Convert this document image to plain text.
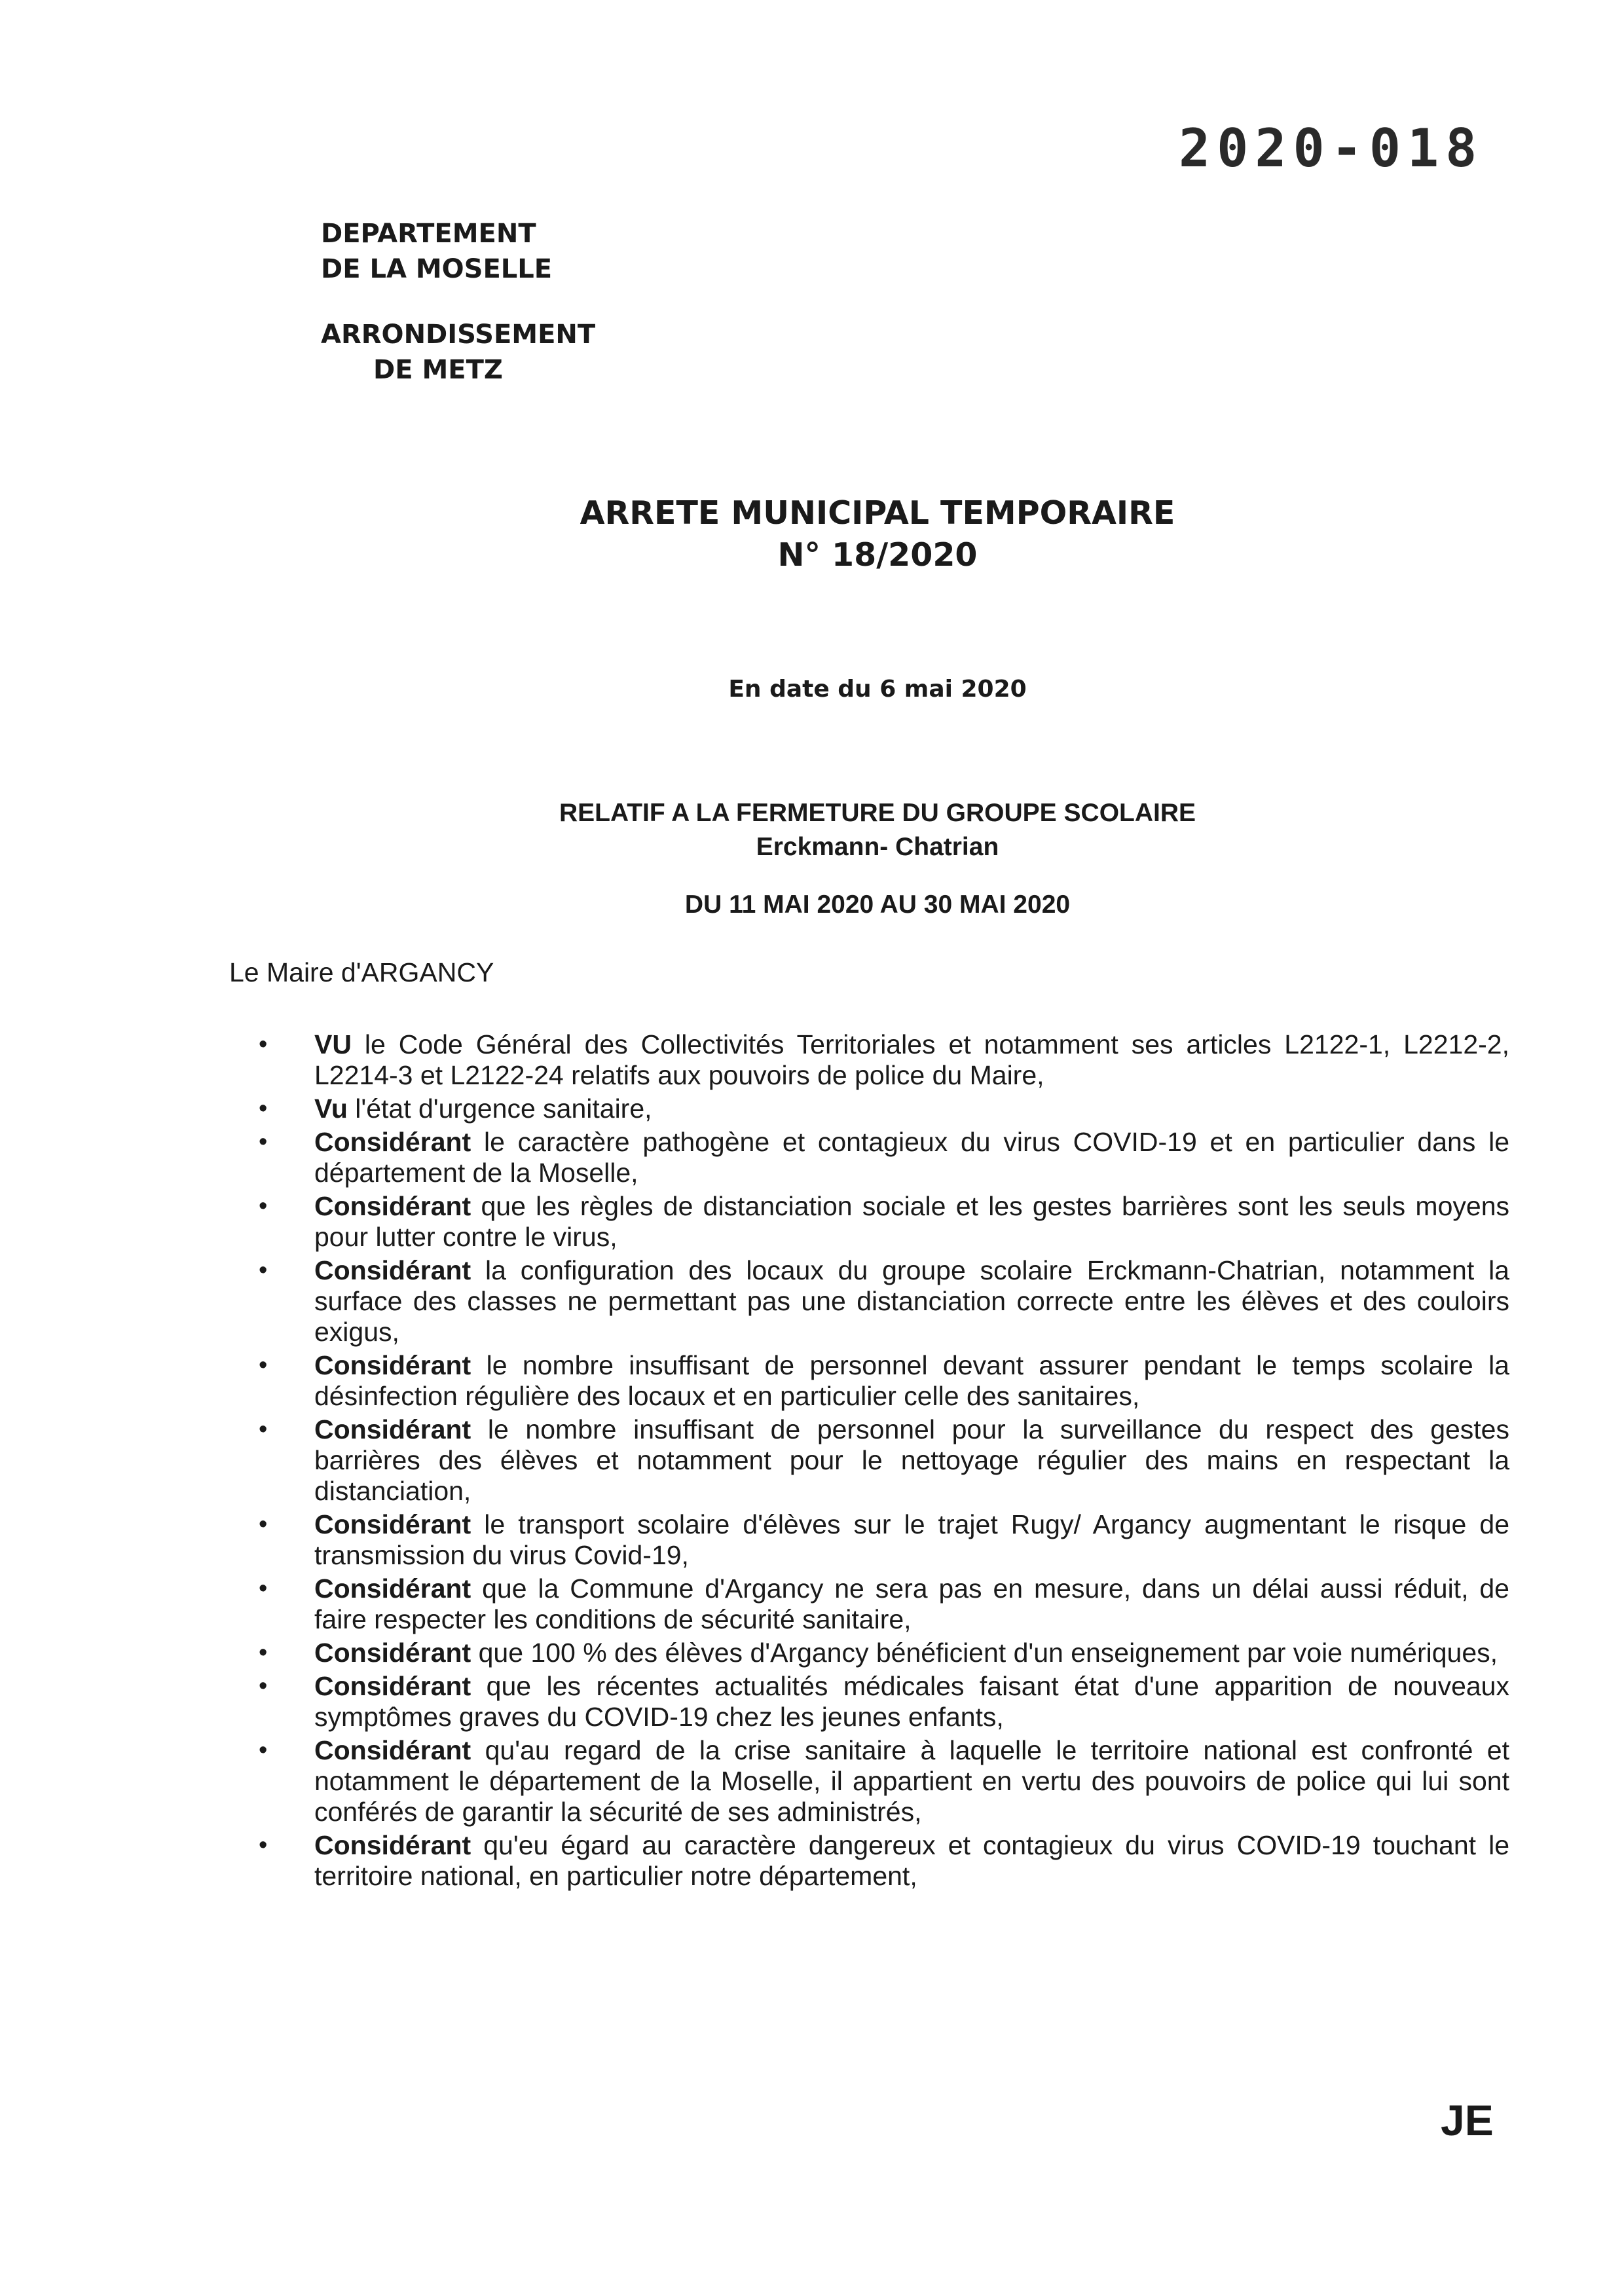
2020-018
DEPARTEMENT
DE LA MOSELLE
ARRONDISSEMENT
DE METZ
ARRETE MUNICIPAL TEMPORAIRE
N° 18/2020
En date du 6 mai 2020
RELATIF A LA FERMETURE DU GROUPE SCOLAIRE
Erckmann- Chatrian
DU 11 MAI 2020 AU 30 MAI 2020
Le Maire d'ARGANCY
• VU le Code Général des Collectivités Territoriales et notamment ses articles L2122-1, L2212-2, L2214-3 et L2122-24 relatifs aux pouvoirs de police du Maire,
• Vu l'état d'urgence sanitaire,
• Considérant le caractère pathogène et contagieux du virus COVID-19 et en particulier dans le département de la Moselle,
• Considérant que les règles de distanciation sociale et les gestes barrières sont les seuls moyens pour lutter contre le virus,
• Considérant la configuration des locaux du groupe scolaire Erckmann-Chatrian, notamment la surface des classes ne permettant pas une distanciation correcte entre les élèves et des couloirs exigus,
• Considérant le nombre insuffisant de personnel devant assurer pendant le temps scolaire la désinfection régulière des locaux et en particulier celle des sanitaires,
• Considérant le nombre insuffisant de personnel pour la surveillance du respect des gestes barrières des élèves et notamment pour le nettoyage régulier des mains en respectant la distanciation,
• Considérant le transport scolaire d'élèves sur le trajet Rugy/ Argancy augmentant le risque de transmission du virus Covid-19,
• Considérant que la Commune d'Argancy ne sera pas en mesure, dans un délai aussi réduit, de faire respecter les conditions de sécurité sanitaire,
• Considérant que 100 % des élèves d'Argancy bénéficient d'un enseignement par voie numériques,
• Considérant que les récentes actualités médicales faisant état d'une apparition de nouveaux symptômes graves du COVID-19 chez les jeunes enfants,
• Considérant qu'au regard de la crise sanitaire à laquelle le territoire national est confronté et notamment le département de la Moselle, il appartient en vertu des pouvoirs de police qui lui sont conférés de garantir la sécurité de ses administrés,
• Considérant qu'eu égard au caractère dangereux et contagieux du virus COVID-19 touchant le territoire national, en particulier notre département,
JE
